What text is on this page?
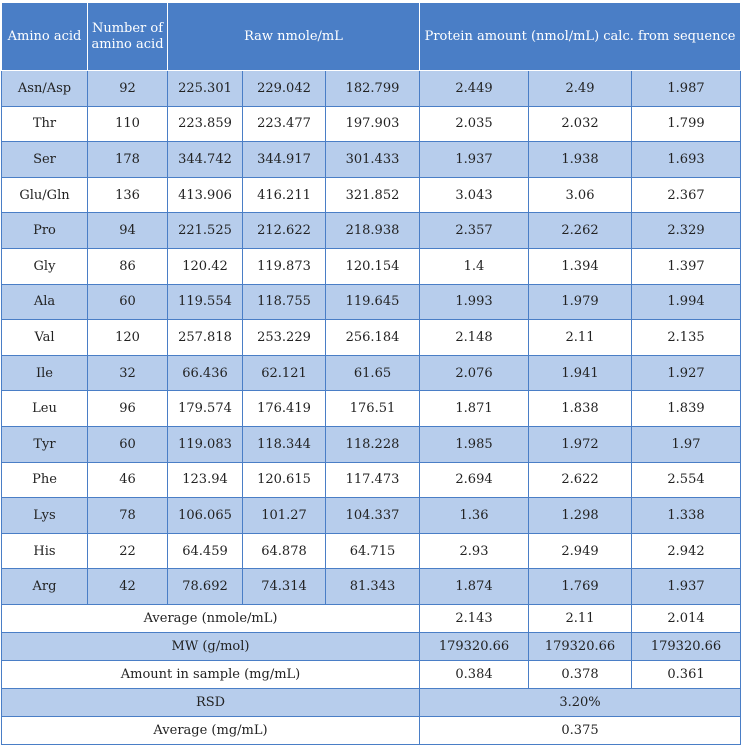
Amino acid	Number of amino acid	Raw nmole/mL			Protein amount (nmol/mL) calc. from sequence		
Asn/Asp	92	225.301	229.042	182.799	2.449	2.49	1.987
Thr	110	223.859	223.477	197.903	2.035	2.032	1.799
Ser	178	344.742	344.917	301.433	1.937	1.938	1.693
Glu/Gln	136	413.906	416.211	321.852	3.043	3.06	2.367
Pro	94	221.525	212.622	218.938	2.357	2.262	2.329
Gly	86	120.42	119.873	120.154	1.4	1.394	1.397
Ala	60	119.554	118.755	119.645	1.993	1.979	1.994
Val	120	257.818	253.229	256.184	2.148	2.11	2.135
Ile	32	66.436	62.121	61.65	2.076	1.941	1.927
Leu	96	179.574	176.419	176.51	1.871	1.838	1.839
Tyr	60	119.083	118.344	118.228	1.985	1.972	1.97
Phe	46	123.94	120.615	117.473	2.694	2.622	2.554
Lys	78	106.065	101.27	104.337	1.36	1.298	1.338
His	22	64.459	64.878	64.715	2.93	2.949	2.942
Arg	42	78.692	74.314	81.343	1.874	1.769	1.937
Average (nmole/mL)					2.143	2.11	2.014
MW (g/mol)					179320.66	179320.66	179320.66
Amount in sample (mg/mL)					0.384	0.378	0.361
RSD					3.20%		
Average (mg/mL)					0.375		
